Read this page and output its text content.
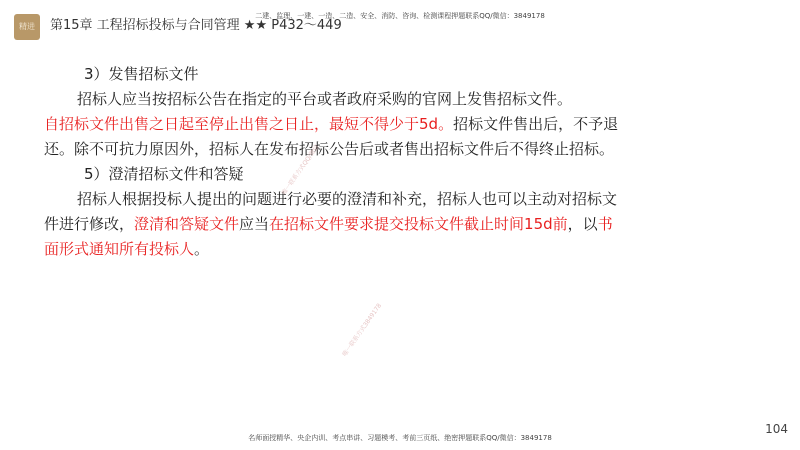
精进 第15章 工程招标投标与合同管理 ★★ P432～449
二建、监理、一建、一造、二造、安全、消防、咨询、检测课程押题联系QQ/微信：3849178

3）发售招标文件

招标人应当按招标公告在指定的平台或者政府采购的官网上发售招标文件。

自招标文件出售之日起至停止出售之日止，最短不得少于5d。招标文件售出后，不予退还。除不可抗力原因外，招标人在发布招标公告后或者售出招标文件后不得终止招标。

5）澄清招标文件和答疑

招标人根据投标人提出的问题进行必要的澄清和补充，招标人也可以主动对招标文件进行修改，澄清和答疑文件应当在招标文件要求提交投标文件截止时间15d前，以书面形式通知所有投标人。

唯一联系方式QQ/微信
唯一联系方式3849178
名师面授精华、央企内训、考点串讲、习题模考、考前三页纸、绝密押题联系QQ/微信：3849178
104
